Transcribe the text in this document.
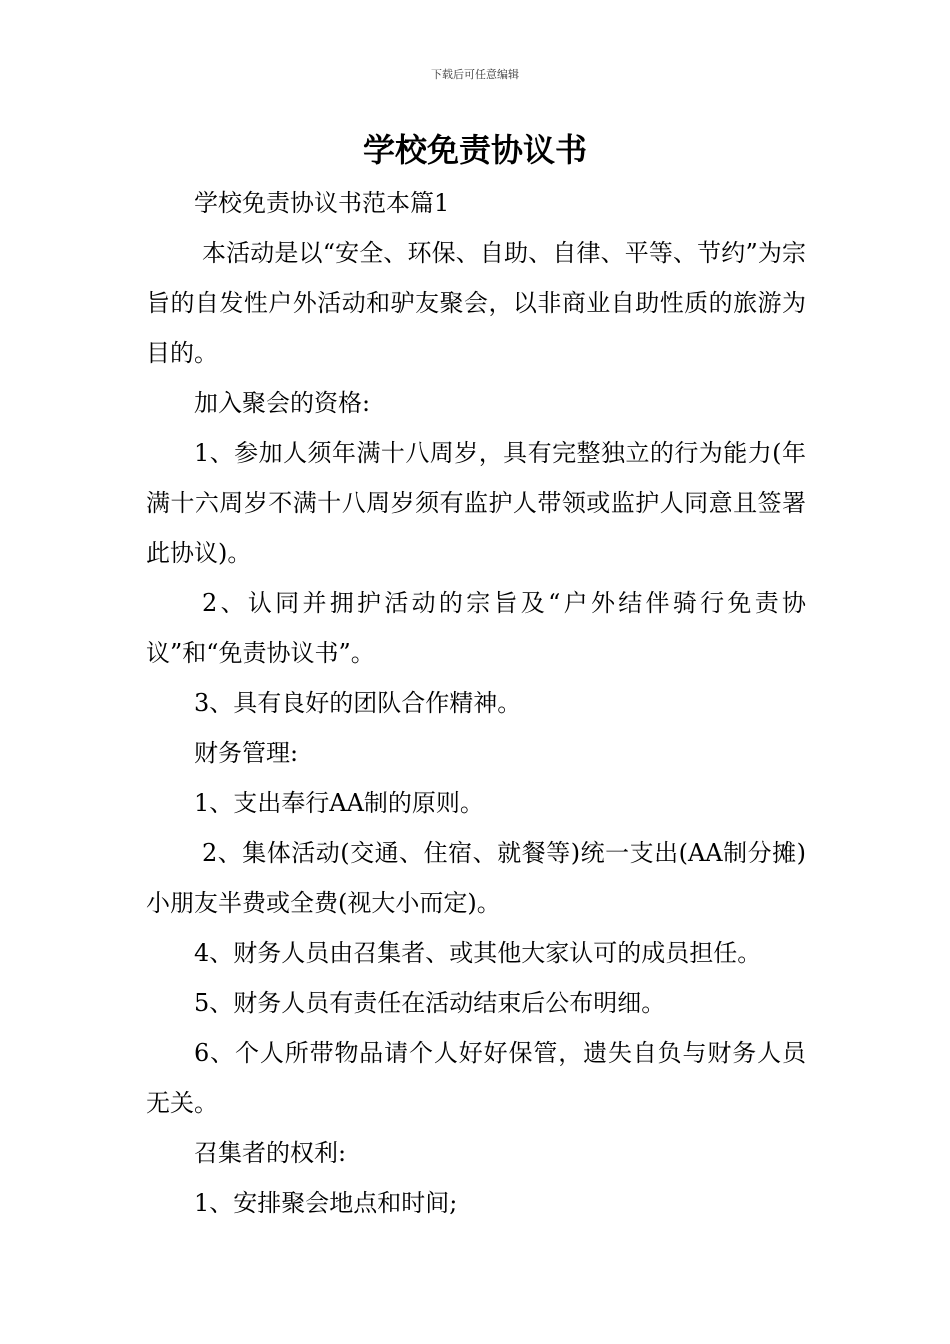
下载后可任意编辑
学校免责协议书

学校免责协议书范本篇1

本活动是以“安全、环保、自助、自律、平等、节约”为宗旨的自发性户外活动和驴友聚会，以非商业自助性质的旅游为目的。

加入聚会的资格:

1、参加人须年满十八周岁，具有完整独立的行为能力(年满十六周岁不满十八周岁须有监护人带领或监护人同意且签署此协议)。

2、认同并拥护活动的宗旨及“户外结伴骑行免责协议”和“免责协议书”。

3、具有良好的团队合作精神。

财务管理:

1、支出奉行AA制的原则。

2、集体活动(交通、住宿、就餐等)统一支出(AA制分摊)小朋友半费或全费(视大小而定)。

4、财务人员由召集者、或其他大家认可的成员担任。

5、财务人员有责任在活动结束后公布明细。

6、个人所带物品请个人好好保管，遗失自负与财务人员无关。

召集者的权利:

1、安排聚会地点和时间;
